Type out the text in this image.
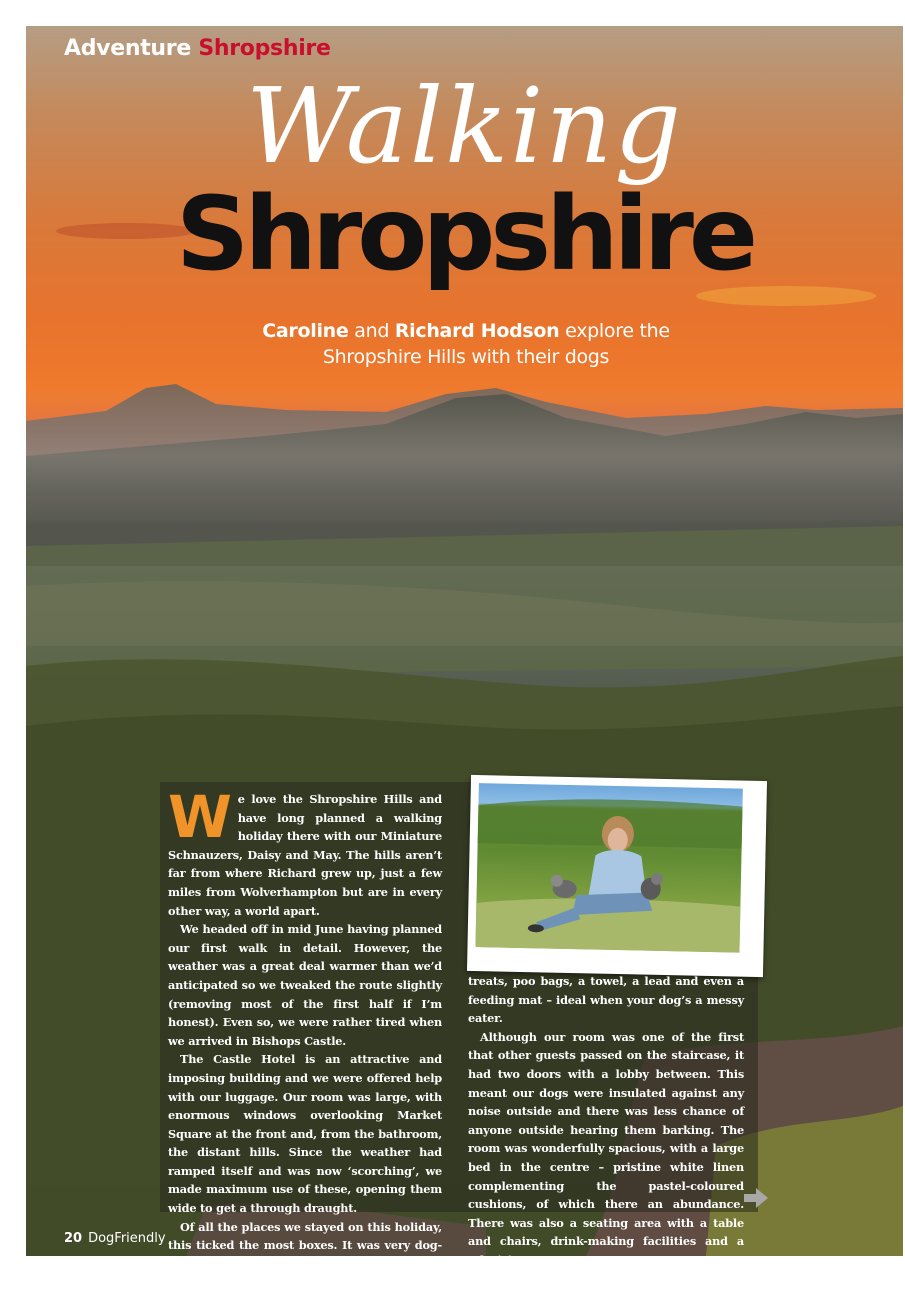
Adventure Shropshire
Walking
Shropshire
Caroline and Richard Hodson explore the
Shropshire Hills with their dogs

We love the Shropshire Hills and have long planned a walking holiday there with our Miniature Schnauzers, Daisy and May. The hills aren’t far from where Richard grew up, just a few miles from Wolverhampton but are in every other way, a world apart.

We headed off in mid June having planned our first walk in detail. However, the weather was a great deal warmer than we’d anticipated so we tweaked the route slightly (removing most of the first half if I’m honest). Even so, we were rather tired when we arrived in Bishops Castle.

The Castle Hotel is an attractive and imposing building and we were offered help with our luggage. Our room was large, with enormous windows overlooking Market Square at the front and, from the bathroom, the distant hills. Since the weather had ramped itself and was now ‘scorching’, we made maximum use of these, opening them wide to get a through draught.

Of all the places we stayed on this holiday, this ticked the most boxes. It was very dog-friendly and we found a welcome pack containing a water bowl,

treats, poo bags, a towel, a lead and even a feeding mat – ideal when your dog’s a messy eater.

Although our room was one of the first that other guests passed on the staircase, it had two doors with a lobby between. This meant our dogs were insulated against any noise outside and there was less chance of anyone outside hearing them barking. The room was wonderfully spacious, with a large bed in the centre – pristine white linen complementing the pastel-coloured cushions, of which there an abundance. There was also a seating area with a table and chairs, drink-making facilities and a television.

20 DogFriendly
